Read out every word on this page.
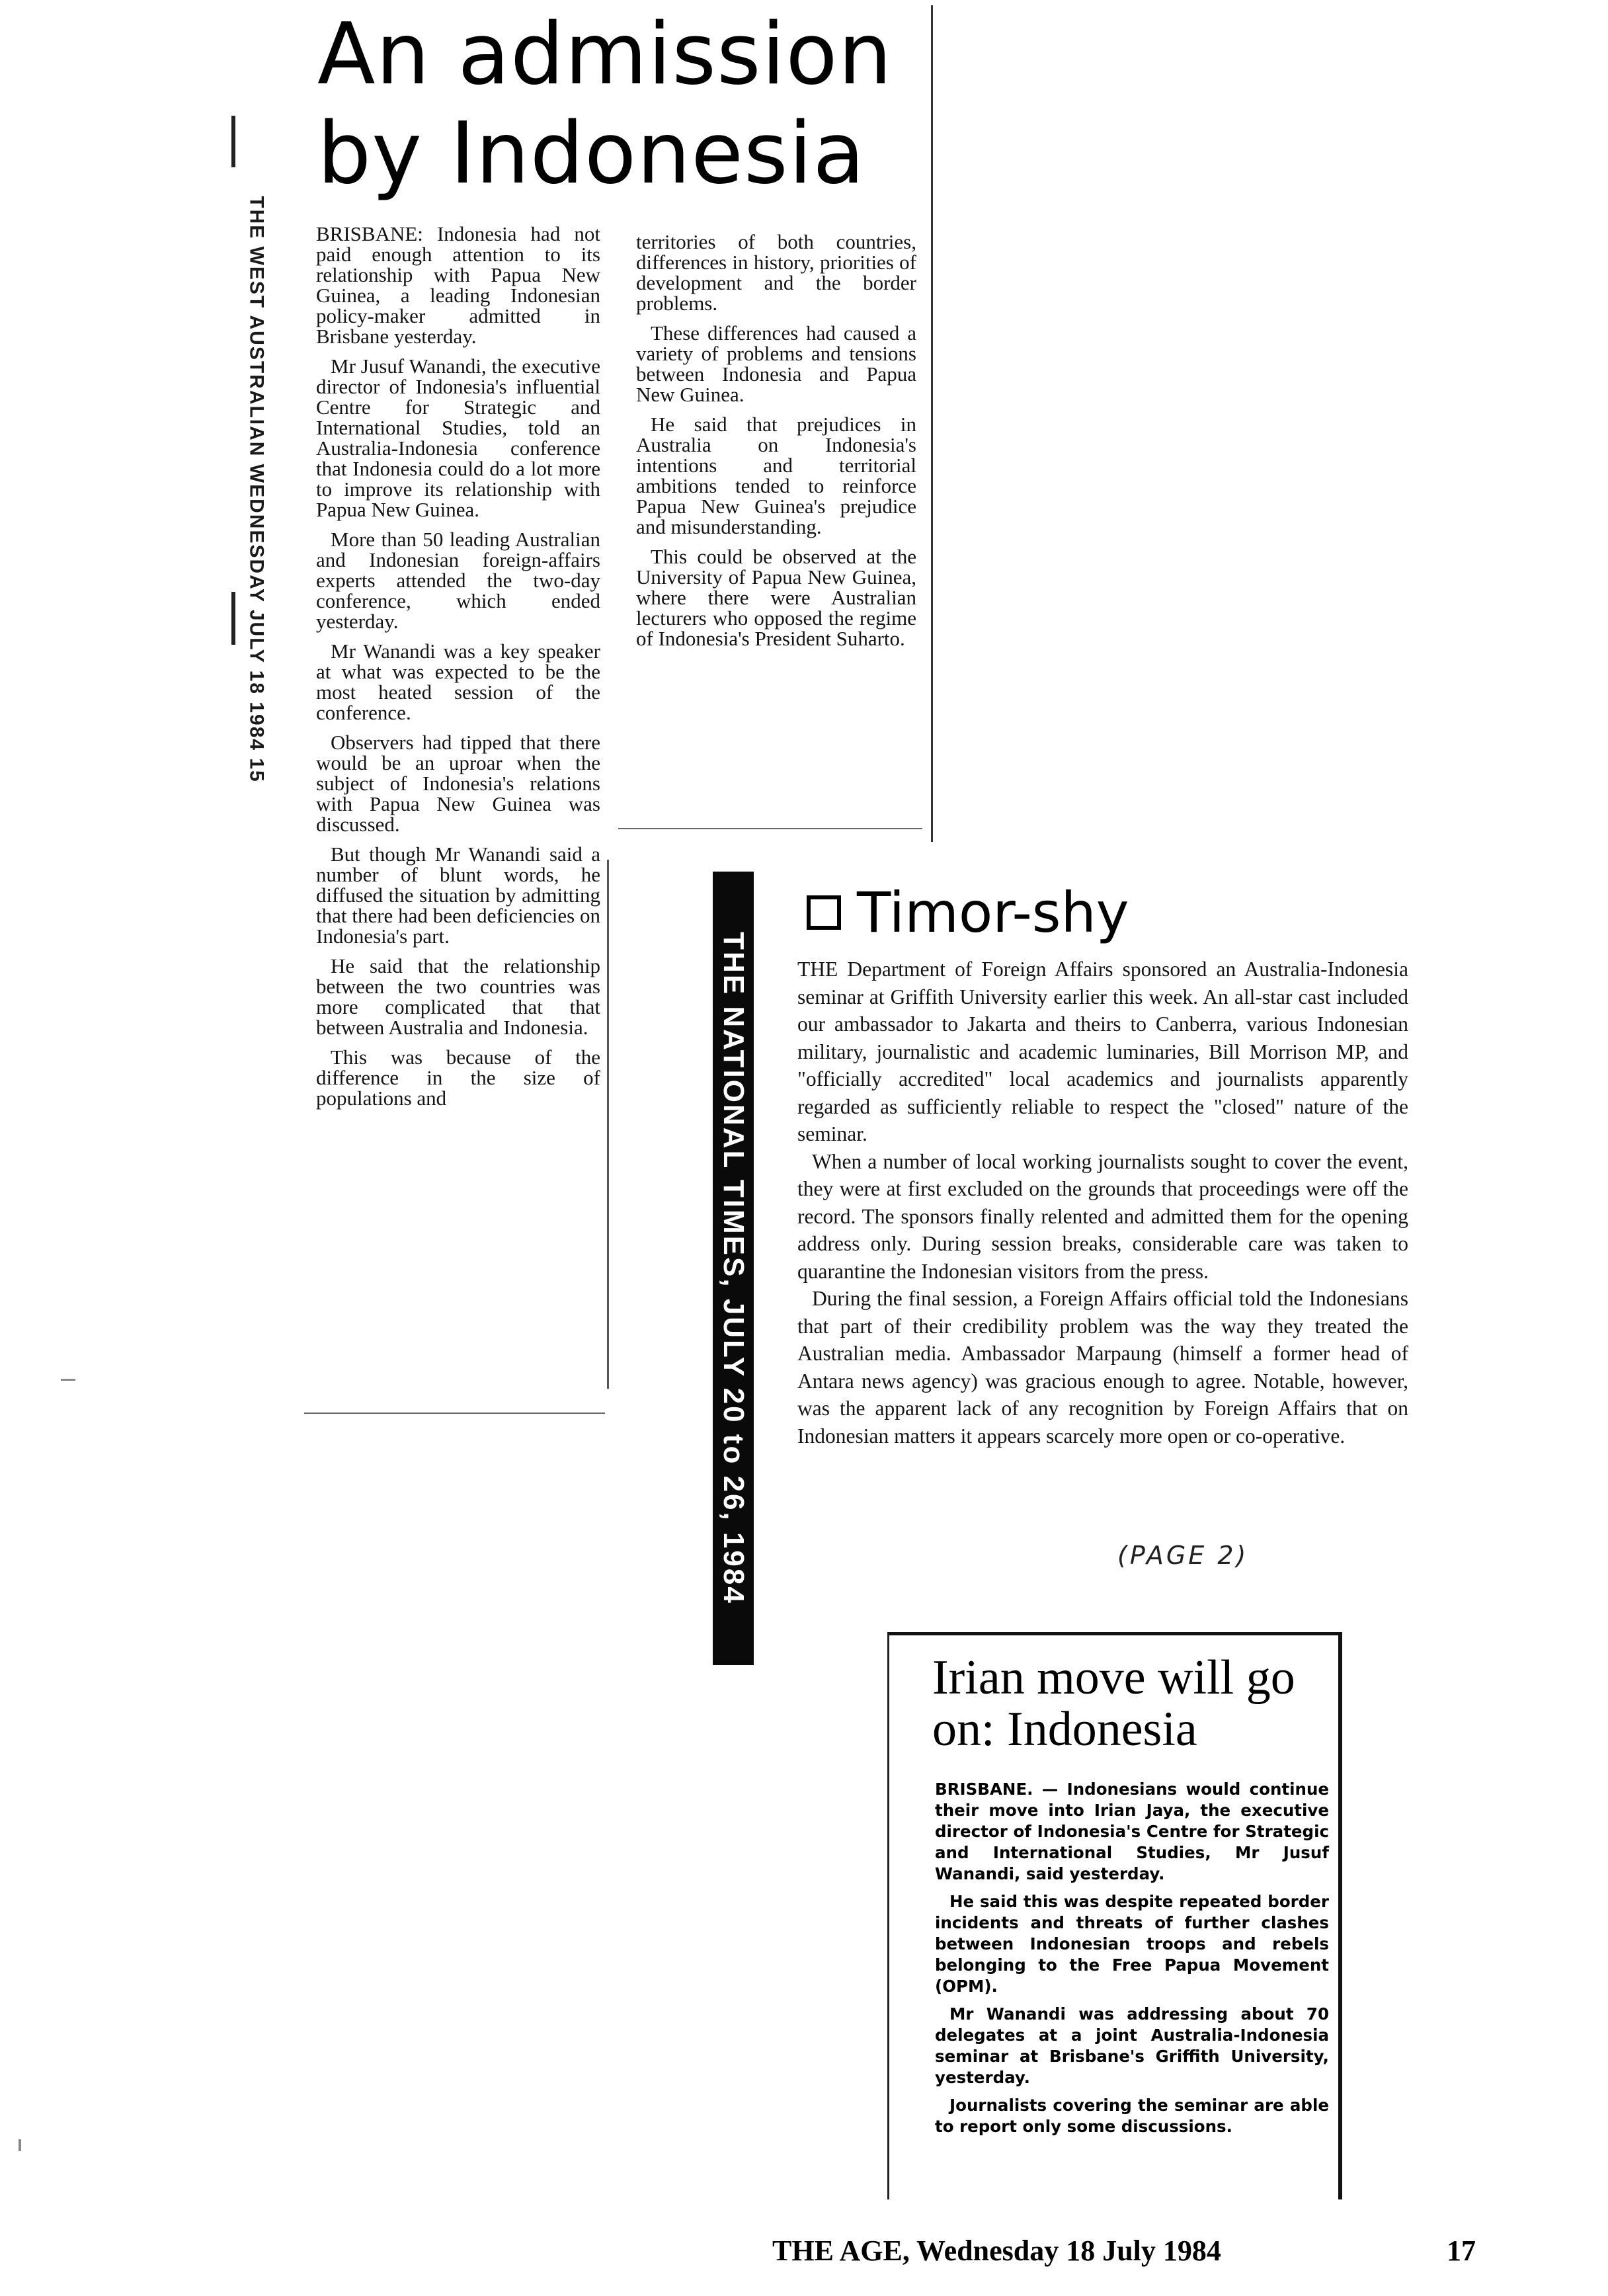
THE WEST AUSTRALIAN WEDNESDAY JULY 18 1984 15
An admission by Indonesia

BRISBANE: Indonesia had not paid enough attention to its relationship with Papua New Guinea, a leading Indonesian policy-maker admitted in Brisbane yesterday.

Mr Jusuf Wanandi, the executive director of Indonesia's influential Centre for Strategic and International Studies, told an Australia-Indonesia conference that Indonesia could do a lot more to improve its relationship with Papua New Guinea.

More than 50 leading Australian and Indonesian foreign-affairs experts attended the two-day conference, which ended yesterday.

Mr Wanandi was a key speaker at what was expected to be the most heated session of the conference.

Observers had tipped that there would be an uproar when the subject of Indonesia's relations with Papua New Guinea was discussed.

But though Mr Wanandi said a number of blunt words, he diffused the situation by admitting that there had been deficiencies on Indonesia's part.

He said that the relationship between the two countries was more complicated that that between Australia and Indonesia.

This was because of the difference in the size of populations and

territories of both countries, differences in history, priorities of development and the border problems.

These differences had caused a variety of problems and tensions between Indonesia and Papua New Guinea.

He said that prejudices in Australia on Indonesia's intentions and territorial ambitions tended to reinforce Papua New Guinea's prejudice and misunderstanding.

This could be observed at the University of Papua New Guinea, where there were Australian lecturers who opposed the regime of Indonesia's President Suharto.

THE NATIONAL TIMES, JULY 20 to 26, 1984
Timor-shy

THE Department of Foreign Affairs sponsored an Australia-Indonesia seminar at Griffith University earlier this week. An all-star cast included our ambassador to Jakarta and theirs to Canberra, various Indonesian military, journalistic and academic luminaries, Bill Morrison MP, and "officially accredited" local academics and journalists apparently regarded as sufficiently reliable to respect the "closed" nature of the seminar.

When a number of local working journalists sought to cover the event, they were at first excluded on the grounds that proceedings were off the record. The sponsors finally relented and admitted them for the opening address only. During session breaks, considerable care was taken to quarantine the Indonesian visitors from the press.

During the final session, a Foreign Affairs official told the Indonesians that part of their credibility problem was the way they treated the Australian media. Ambassador Marpaung (himself a former head of Antara news agency) was gracious enough to agree. Notable, however, was the apparent lack of any recognition by Foreign Affairs that on Indonesian matters it appears scarcely more open or co-operative.

(PAGE 2)
Irian move will go on: Indonesia

BRISBANE. — Indonesians would continue their move into Irian Jaya, the executive director of Indonesia's Centre for Strategic and International Studies, Mr Jusuf Wanandi, said yesterday.

He said this was despite repeated border incidents and threats of further clashes between Indonesian troops and rebels belonging to the Free Papua Movement (OPM).

Mr Wanandi was addressing about 70 delegates at a joint Australia-Indonesia seminar at Brisbane's Griffith University, yesterday.

Journalists covering the seminar are able to report only some discussions.

THE AGE, Wednesday 18 July 1984	17
